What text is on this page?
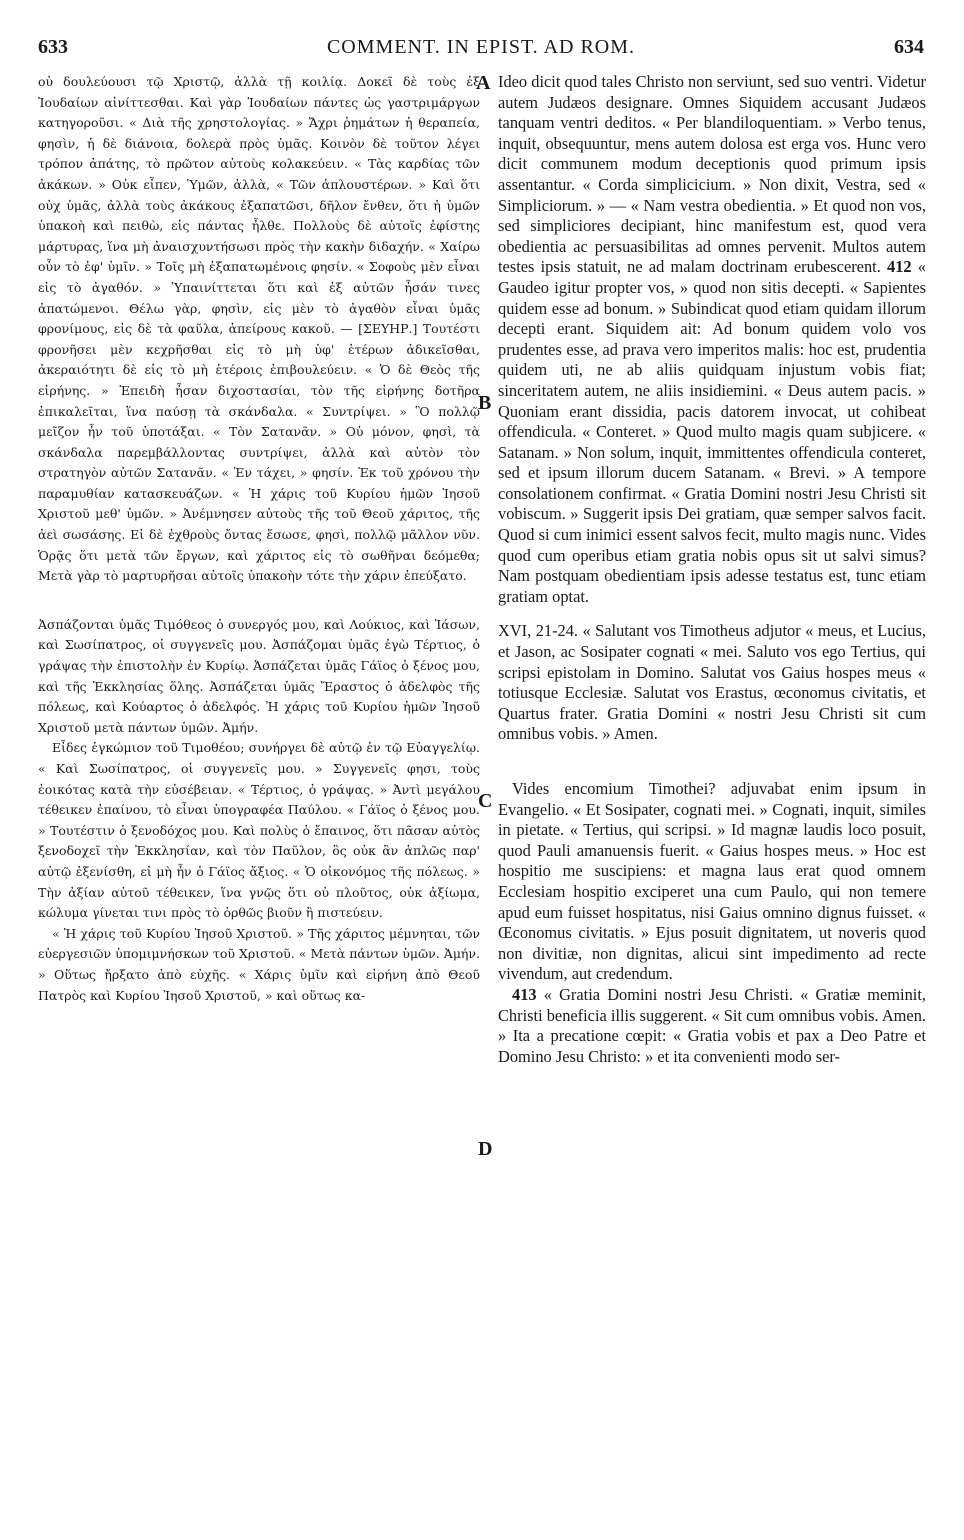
633	COMMENT. IN EPIST. AD ROM.	634

οὐ δουλεύουσι τῷ Χριστῷ, ἀλλὰ τῇ κοιλίᾳ. Δοκεῖ δὲ τοὺς ἐξ Ἰουδαίων αἰνίττεσθαι. Καὶ γὰρ Ἰουδαίων πάντες ὡς γαστριμάργων κατηγοροῦσι. « Διὰ τῆς χρηστολογίας. » Ἄχρι ῥημάτων ἡ θεραπεία, φησὶν, ἡ δὲ διάνοια, δολερὰ πρὸς ὑμᾶς. Κοινὸν δὲ τοῦτον λέγει τρόπον ἀπάτης, τὸ πρῶτον αὐτοὺς κολακεύειν. « Τὰς καρδίας τῶν ἀκάκων. » Οὐκ εἶπεν, Ὑμῶν, ἀλλὰ, « Τῶν ἀπλουστέρων. » Καὶ ὅτι οὐχ ὑμᾶς, ἀλλὰ τοὺς ἀκάκους ἐξαπατῶσι, δῆλον ἔνθεν, ὅτι ἡ ὑμῶν ὑπακοὴ καὶ πειθὼ, εἰς πάντας ἦλθε. Πολλοὺς δὲ αὐτοῖς ἐφίστης μάρτυρας, ἵνα μὴ ἀναισχυντήσωσι πρὸς τὴν κακὴν διδαχήν. « Χαίρω οὖν τὸ ἐφ' ὑμῖν. » Τοῖς μὴ ἐξαπατωμένοις φησίν. « Σοφοὺς μὲν εἶναι εἰς τὸ ἀγαθόν. » Ὑπαινίττεται ὅτι καὶ ἐξ αὐτῶν ἦσάν τινες ἀπατώμενοι. Θέλω γὰρ, φησὶν, εἰς μὲν τὸ ἀγαθὸν εἶναι ὑμᾶς φρονίμους, εἰς δὲ τὰ φαῦλα, ἀπείρους κακοῦ. — [ΣΕΥΗΡ.] Τουτέστι φρονῆσει μὲν κεχρῆσθαι εἰς τὸ μὴ ὑφ' ἑτέρων ἀδικεῖσθαι, ἀκεραιότητι δὲ εἰς τὸ μὴ ἑτέροις ἐπιβουλεύειν. « Ὁ δὲ Θεὸς τῆς εἰρήνης. » Ἐπειδὴ ἦσαν διχοστασίαι, τὸν τῆς εἰρήνης δοτῆρα ἐπικαλεῖται, ἵνα παύσῃ τὰ σκάνδαλα. « Συντρίψει. » Ὃ πολλῷ μεῖζον ἦν τοῦ ὑποτάξαι. « Τὸν Σατανᾶν. » Οὐ μόνον, φησὶ, τὰ σκάνδαλα παρεμβάλλοντας συντρίψει, ἀλλὰ καὶ αὐτὸν τὸν στρατηγὸν αὐτῶν Σατανᾶν. « Ἐν τάχει, » φησίν. Ἐκ τοῦ χρόνου τὴν παραμυθίαν κατασκευάζων. « Ἡ χάρις τοῦ Κυρίου ἡμῶν Ἰησοῦ Χριστοῦ μεθ' ὑμῶν. » Ἀνέμνησεν αὐτοὺς τῆς τοῦ Θεοῦ χάριτος, τῆς ἀεὶ σωσάσης. Εἰ δὲ ἐχθροὺς ὄντας ἔσωσε, φησὶ, πολλῷ μᾶλλον νῦν. Ὁρᾷς ὅτι μετὰ τῶν ἔργων, καὶ χάριτος εἰς τὸ σωθῆναι δεόμεθα; Μετὰ γὰρ τὸ μαρτυρῆσαι αὐτοῖς ὑπακοὴν τότε τὴν χάριν ἐπεύξατο.

Ἀσπάζονται ὑμᾶς Τιμόθεος ὁ συνεργός μου, καὶ Λούκιος, καὶ Ἰάσων, καὶ Σωσίπατρος, οἱ συγγενεῖς μου. Ἀσπάζομαι ὑμᾶς ἐγὼ Τέρτιος, ὁ γράψας τὴν ἐπιστολὴν ἐν Κυρίῳ. Ἀσπάζεται ὑμᾶς Γάϊος ὁ ξένος μου, καὶ τῆς Ἐκκλησίας ὅλης. Ἀσπάζεται ὑμᾶς Ἔραστος ὁ ἀδελφὸς τῆς πόλεως, καὶ Κούαρτος ὁ ἀδελφός. Ἡ χάρις τοῦ Κυρίου ἡμῶν Ἰησοῦ Χριστοῦ μετὰ πάντων ὑμῶν. Ἀμήν.

Εἶδες ἐγκώμιον τοῦ Τιμοθέου; συνήργει δὲ αὐτῷ ἐν τῷ Εὐαγγελίῳ. « Καὶ Σωσίπατρος, οἱ συγγενεῖς μου. » Συγγενεῖς φησι, τοὺς ἐοικότας κατὰ τὴν εὐσέβειαν. « Τέρτιος, ὁ γράψας. » Ἀντὶ μεγάλου τέθεικεν ἐπαίνου, τὸ εἶναι ὑπογραφέα Παύλου. « Γάϊος ὁ ξένος μου. » Τουτέστιν ὁ ξενοδόχος μου. Καὶ πολὺς ὁ ἔπαινος, ὅτι πᾶσαν αὐτὸς ξενοδοχεῖ τὴν Ἐκκλησίαν, καὶ τὸν Παῦλον, ὃς οὐκ ἂν ἁπλῶς παρ' αὐτῷ ἐξενίσθη, εἰ μὴ ἦν ὁ Γάϊος ἄξιος. « Ὁ οἰκονόμος τῆς πόλεως. » Τὴν ἀξίαν αὐτοῦ τέθεικεν, ἵνα γνῷς ὅτι οὐ πλοῦτος, οὐκ ἀξίωμα, κώλυμα γίνεται τινι πρὸς τὸ ὀρθῶς βιοῦν ἢ πιστεύειν.

« Ἡ χάρις τοῦ Κυρίου Ἰησοῦ Χριστοῦ. » Τῆς χάριτος μέμνηται, τῶν εὐεργεσιῶν ὑπομιμνήσκων τοῦ Χριστοῦ. « Μετὰ πάντων ὑμῶν. Ἀμήν. » Οὕτως ἤρξατο ἀπὸ εὐχῆς. « Χάρις ὑμῖν καὶ εἰρήνη ἀπὸ Θεοῦ Πατρὸς καὶ Κυρίου Ἰησοῦ Χριστοῦ, » καὶ οὕτως κα-

A
B
C
D

Ideo dicit quod tales Christo non serviunt, sed suo ventri. Videtur autem Judæos designare. Omnes Siquidem accusant Judæos tanquam ventri deditos. « Per blandiloquentiam. » Verbo tenus, inquit, obsequuntur, mens autem dolosa est erga vos. Hunc vero dicit communem modum deceptionis quod primum ipsis assentantur. « Corda simplicicium. » Non dixit, Vestra, sed « Simpliciorum. » — « Nam vestra obedientia. » Et quod non vos, sed simpliciores decipiant, hinc manifestum est, quod vera obedientia ac persuasibilitas ad omnes pervenit. Multos autem testes ipsis statuit, ne ad malam doctrinam erubescerent. 412 « Gaudeo igitur propter vos, » quod non sitis decepti. « Sapientes quidem esse ad bonum. » Subindicat quod etiam quidam illorum decepti erant. Siquidem ait: Ad bonum quidem volo vos prudentes esse, ad prava vero imperitos malis: hoc est, prudentia quidem uti, ne ab aliis quidquam injustum vobis fiat; sinceritatem autem, ne aliis insidiemini. « Deus autem pacis. » Quoniam erant dissidia, pacis datorem invocat, ut cohibeat offendicula. « Conteret. » Quod multo magis quam subjicere. « Satanam. » Non solum, inquit, immittentes offendicula conteret, sed et ipsum illorum ducem Satanam. « Brevi. » A tempore consolationem confirmat. « Gratia Domini nostri Jesu Christi sit vobiscum. » Suggerit ipsis Dei gratiam, quæ semper salvos facit. Quod si cum inimici essent salvos fecit, multo magis nunc. Vides quod cum operibus etiam gratia nobis opus sit ut salvi simus? Nam postquam obedientiam ipsis adesse testatus est, tunc etiam gratiam optat.

XVI, 21-24. « Salutant vos Timotheus adjutor « meus, et Lucius, et Jason, ac Sosipater cognati « mei. Saluto vos ego Tertius, qui scripsi epistolam in Domino. Salutat vos Gaius hospes meus « totiusque Ecclesiæ. Salutat vos Erastus, œconomus civitatis, et Quartus frater. Gratia Domini « nostri Jesu Christi sit cum omnibus vobis. » Amen.

Vides encomium Timothei? adjuvabat enim ipsum in Evangelio. « Et Sosipater, cognati mei. » Cognati, inquit, similes in pietate. « Tertius, qui scripsi. » Id magnæ laudis loco posuit, quod Pauli amanuensis fuerit. « Gaius hospes meus. » Hoc est hospitio me suscipiens: et magna laus erat quod omnem Ecclesiam hospitio exciperet una cum Paulo, qui non temere apud eum fuisset hospitatus, nisi Gaius omnino dignus fuisset. « Œconomus civitatis. » Ejus posuit dignitatem, ut noveris quod non divitiæ, non dignitas, alicui sint impedimento ad recte vivendum, aut credendum.

413 « Gratia Domini nostri Jesu Christi. « Gratiæ meminit, Christi beneficia illis suggerent. « Sit cum omnibus vobis. Amen. » Ita a precatione cœpit: « Gratia vobis et pax a Deo Patre et Domino Jesu Christo: » et ita convenienti modo ser-
